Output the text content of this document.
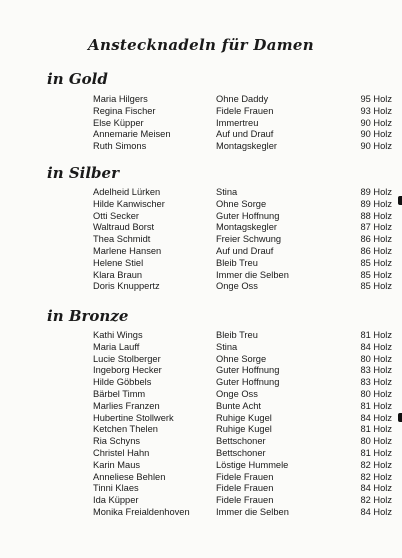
Anstecknadeln für Damen
in Gold
Maria Hilgers	Ohne Daddy	95 Holz
Regina Fischer	Fidele Frauen	93 Holz
Else Küpper	Immertreu	90 Holz
Annemarie Meisen	Auf und Drauf	90 Holz
Ruth Simons	Montagskegler	90 Holz
in Silber
Adelheid Lürken	Stina	89 Holz
Hilde Kanwischer	Ohne Sorge	89 Holz
Otti Secker	Guter Hoffnung	88 Holz
Waltraud Borst	Montagskegler	87 Holz
Thea Schmidt	Freier Schwung	86 Holz
Marlene Hansen	Auf und Drauf	86 Holz
Helene Stiel	Bleib Treu	85 Holz
Klara Braun	Immer die Selben	85 Holz
Doris Knuppertz	Onge Oss	85 Holz
in Bronze
Kathi Wings	Bleib Treu	81 Holz
Maria Lauff	Stina	84 Holz
Lucie Stolberger	Ohne Sorge	80 Holz
Ingeborg Hecker	Guter Hoffnung	83 Holz
Hilde Göbbels	Guter Hoffnung	83 Holz
Bärbel Timm	Onge Oss	80 Holz
Marlies Franzen	Bunte Acht	81 Holz
Hubertine Stollwerk	Ruhige Kugel	84 Holz
Ketchen Thelen	Ruhige Kugel	81 Holz
Ria Schyns	Bettschoner	80 Holz
Christel Hahn	Bettschoner	81 Holz
Karin Maus	Löstige Hummele	82 Holz
Anneliese Behlen	Fidele Frauen	82 Holz
Tinni Klaes	Fidele Frauen	84 Holz
Ida Küpper	Fidele Frauen	82 Holz
Monika Freialdenhoven	Immer die Selben	84 Holz
